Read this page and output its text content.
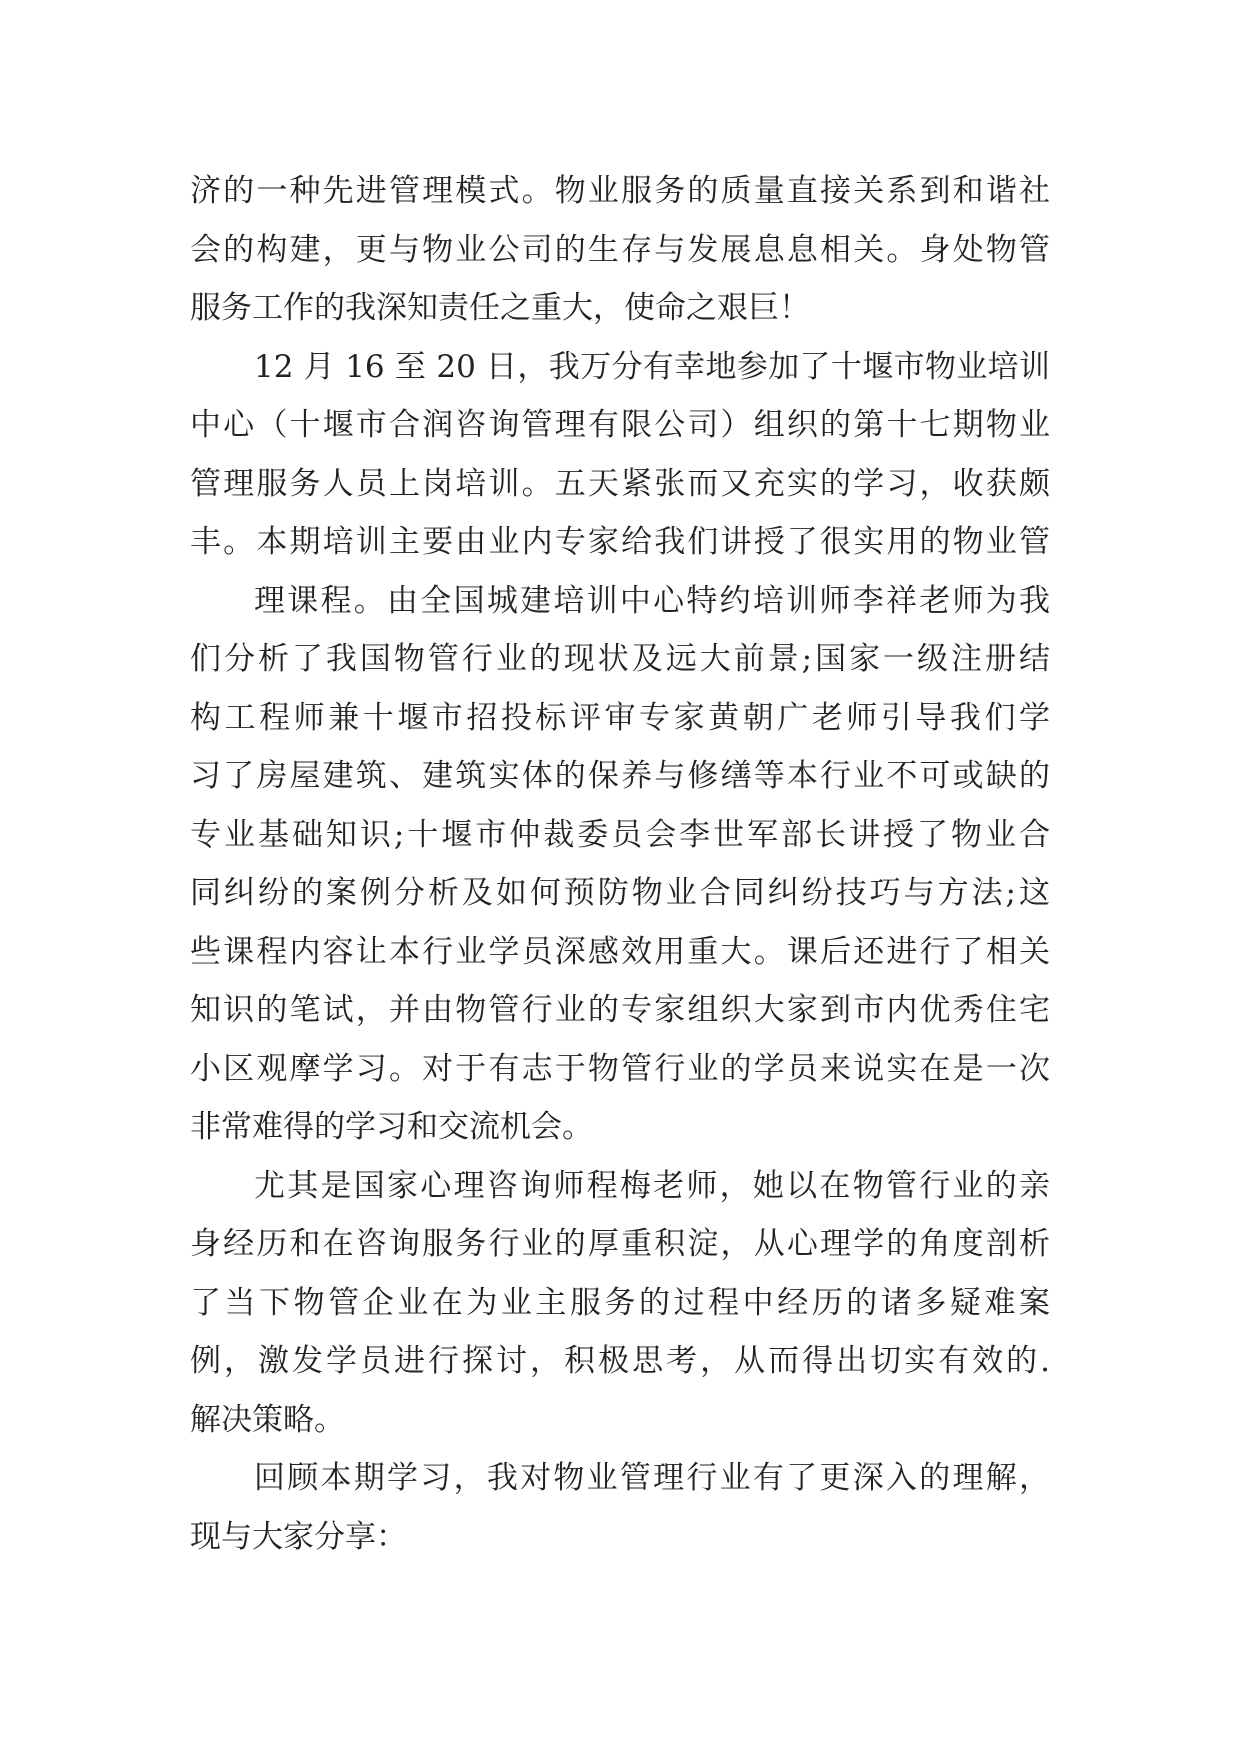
济的一种先进管理模式。物业服务的质量直接关系到和谐社
会的构建，更与物业公司的生存与发展息息相关。身处物管
服务工作的我深知责任之重大，使命之艰巨！
12 月 16 至 20 日，我万分有幸地参加了十堰市物业培训
中心（十堰市合润咨询管理有限公司）组织的第十七期物业
管理服务人员上岗培训。五天紧张而又充实的学习，收获颇
丰。本期培训主要由业内专家给我们讲授了很实用的物业管
理课程。由全国城建培训中心特约培训师李祥老师为我
们分析了我国物管行业的现状及远大前景;国家一级注册结
构工程师兼十堰市招投标评审专家黄朝广老师引导我们学
习了房屋建筑、建筑实体的保养与修缮等本行业不可或缺的
专业基础知识;十堰市仲裁委员会李世军部长讲授了物业合
同纠纷的案例分析及如何预防物业合同纠纷技巧与方法;这
些课程内容让本行业学员深感效用重大。课后还进行了相关
知识的笔试，并由物管行业的专家组织大家到市内优秀住宅
小区观摩学习。对于有志于物管行业的学员来说实在是一次
非常难得的学习和交流机会。
尤其是国家心理咨询师程梅老师，她以在物管行业的亲
身经历和在咨询服务行业的厚重积淀，从心理学的角度剖析
了当下物管企业在为业主服务的过程中经历的诸多疑难案
例，激发学员进行探讨，积极思考，从而得出切实有效的.
解决策略。
回顾本期学习，我对物业管理行业有了更深入的理解，
现与大家分享：
